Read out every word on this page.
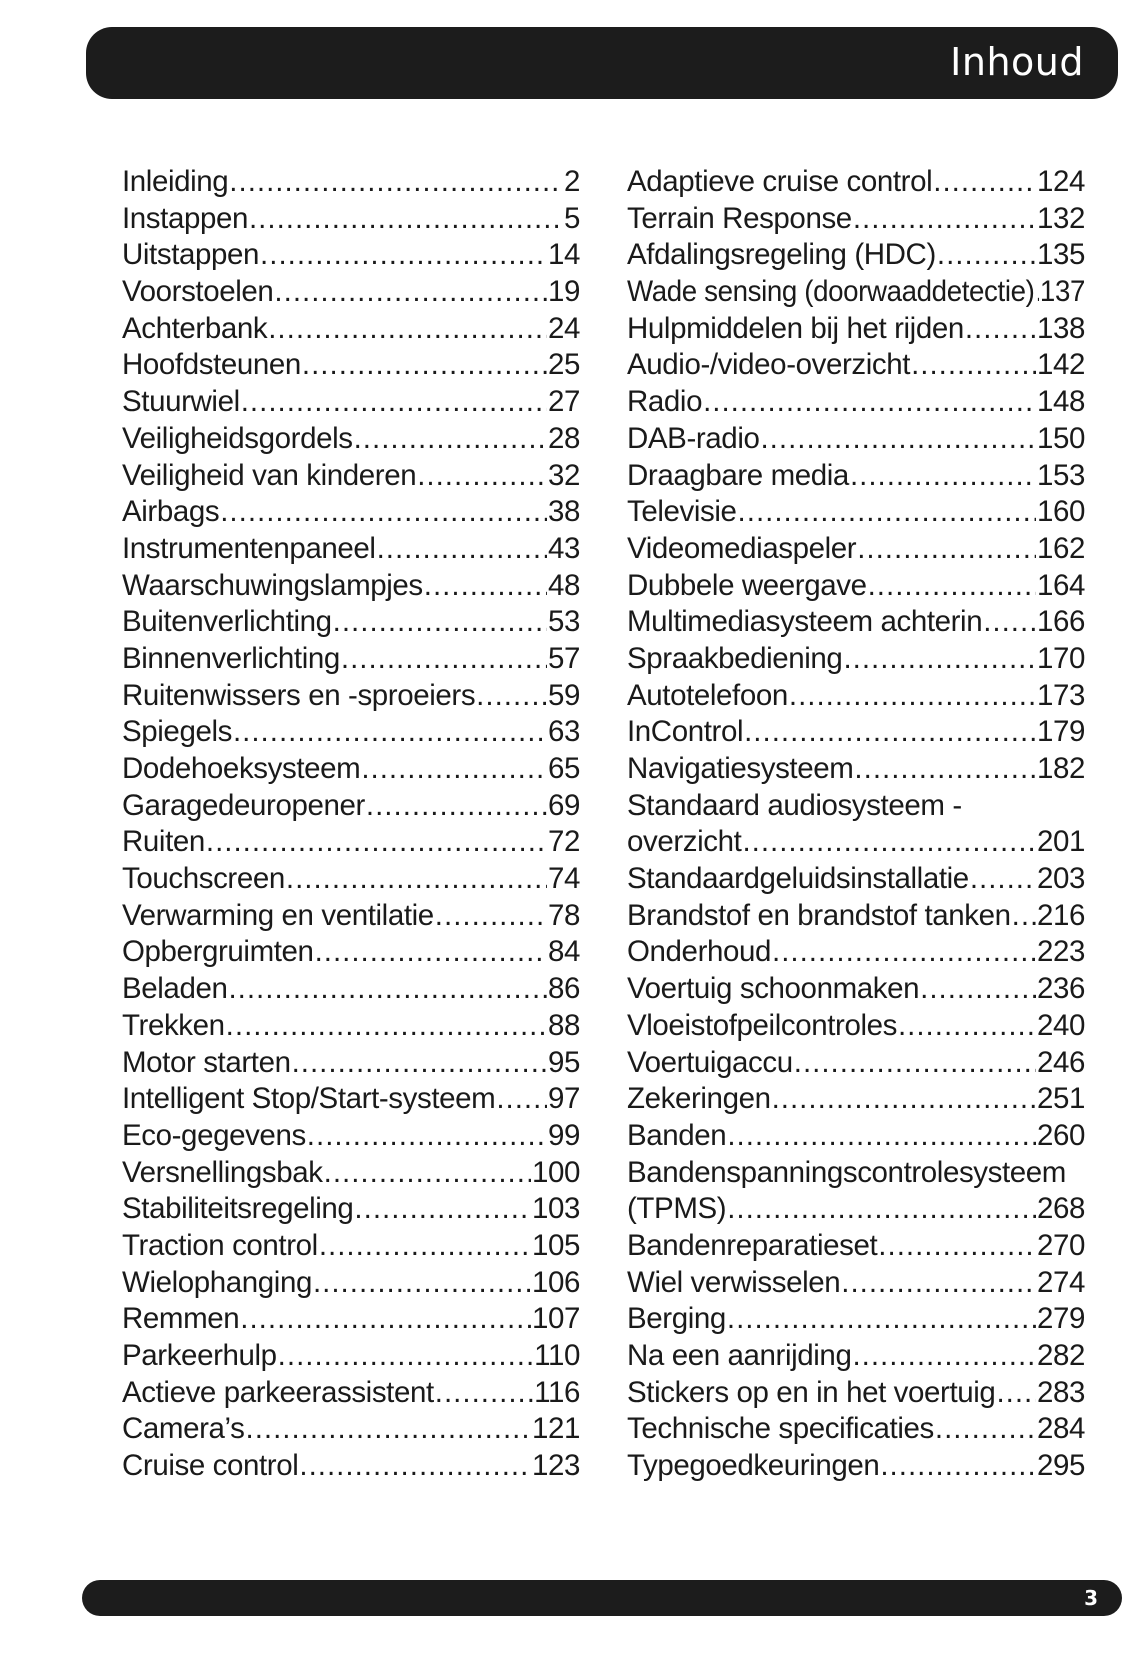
Inhoud
Inleiding .....	2
Instappen .....	5
Uitstappen .....	14
Voorstoelen .....	19
Achterbank .....	24
Hoofdsteunen .....	25
Stuurwiel .....	27
Veiligheidsgordels .....	28
Veiligheid van kinderen .....	32
Airbags .....	38
Instrumentenpaneel .....	43
Waarschuwingslampjes .....	48
Buitenverlichting .....	53
Binnenverlichting .....	57
Ruitenwissers en -sproeiers ..... 59
Spiegels .....	63
Dodehoeksysteem .....	65
Garagedeuropener .....	69
Ruiten .....	72
Touchscreen .....	74
Verwarming en ventilatie .....	78
Opbergruimten .....	84
Beladen .....	86
Trekken .....	88
Motor starten .....	95
Intelligent Stop/Start-systeem ..... 97
Eco-gegevens .....	99
Versnellingsbak .....	100
Stabiliteitsregeling .....	103
Traction control .....	105
Wielophanging .....	106
Remmen .....	107
Parkeerhulp .....	110
Actieve parkeerassistent .....	116
Camera’s .....	121
Cruise control .....	123
Adaptieve cruise control .....	124
Terrain Response .....	132
Afdalingsregeling (HDC) .....	135
Wade sensing (doorwaaddetectie) ..... 137
Hulpmiddelen bij het rijden ..... 138
Audio-/video-overzicht .....	142
Radio .....	148
DAB-radio .....	150
Draagbare media .....	153
Televisie .....	160
Videomediaspeler .....	162
Dubbele weergave .....	164
Multimediasysteem achterin ..... 166
Spraakbediening .....	170
Autotelefoon .....	173
InControl .....	179
Navigatiesysteem .....	182
Standaard audiosysteem -
overzicht .....	201
Standaardgeluidsinstallatie ..... 203
Brandstof en brandstof tanken ..... 216
Onderhoud .....	223
Voertuig schoonmaken .....	236
Vloeistofpeilcontroles .....	240
Voertuigaccu .....	246
Zekeringen .....	251
Banden .....	260
Bandenspanningscontrolesysteem
(TPMS) .....	268
Bandenreparatieset .....	270
Wiel verwisselen .....	274
Berging .....	279
Na een aanrijding .....	282
Stickers op en in het voertuig ..... 283
Technische specificaties .....	284
Typegoedkeuringen .....	295
3
